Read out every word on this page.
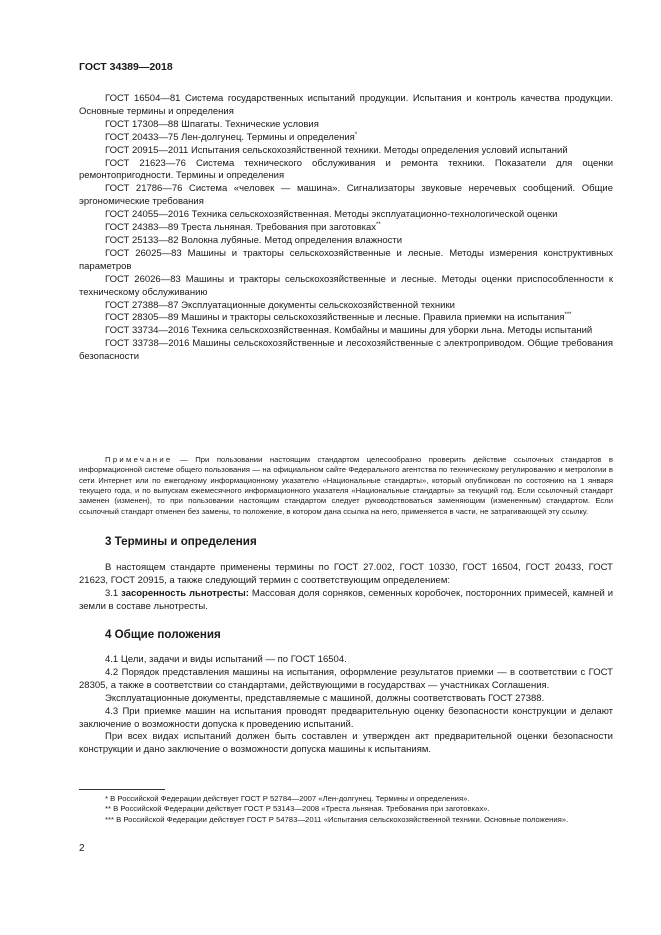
ГОСТ 34389—2018

ГОСТ 16504—81 Система государственных испытаний продукции. Испытания и контроль качества продукции. Основные термины и определения

ГОСТ 17308—88 Шпагаты. Технические условия

ГОСТ 20433—75 Лен-долгунец. Термины и определения*

ГОСТ 20915—2011 Испытания сельскохозяйственной техники. Методы определения условий испытаний

ГОСТ 21623—76 Система технического обслуживания и ремонта техники. Показатели для оценки ремонтопригодности. Термины и определения

ГОСТ 21786—76 Система «человек — машина». Сигнализаторы звуковые неречевых сообщений. Общие эргономические требования

ГОСТ 24055—2016 Техника сельскохозяйственная. Методы эксплуатационно-технологической оценки

ГОСТ 24383—89 Треста льняная. Требования при заготовках**

ГОСТ 25133—82 Волокна лубяные. Метод определения влажности

ГОСТ 26025—83 Машины и тракторы сельскохозяйственные и лесные. Методы измерения конструктивных параметров

ГОСТ 26026—83 Машины и тракторы сельскохозяйственные и лесные. Методы оценки приспособленности к техническому обслуживанию

ГОСТ 27388—87 Эксплуатационные документы сельскохозяйственной техники

ГОСТ 28305—89 Машины и тракторы сельскохозяйственные и лесные. Правила приемки на испытания***

ГОСТ 33734—2016 Техника сельскохозяйственная. Комбайны и машины для уборки льна. Методы испытаний

ГОСТ 33738—2016 Машины сельскохозяйственные и лесохозяйственные с электроприводом. Общие требования безопасности

Примечание — При пользовании настоящим стандартом целесообразно проверить действие ссылочных стандартов в информационной системе общего пользования — на официальном сайте Федерального агентства по техническому регулированию и метрологии в сети Интернет или по ежегодному информационному указателю «Национальные стандарты», который опубликован по состоянию на 1 января текущего года, и по выпускам ежемесячного информационного указателя «Национальные стандарты» за текущий год. Если ссылочный стандарт заменен (изменен), то при пользовании настоящим стандартом следует руководствоваться заменяющим (измененным) стандартом. Если ссылочный стандарт отменен без замены, то положение, в котором дана ссылка на него, применяется в части, не затрагивающей эту ссылку.

3 Термины и определения

В настоящем стандарте применены термины по ГОСТ 27.002, ГОСТ 10330, ГОСТ 16504, ГОСТ 20433, ГОСТ 21623, ГОСТ 20915, а также следующий термин с соответствующим определением:

3.1 засоренность льнотресты: Массовая доля сорняков, семенных коробочек, посторонних примесей, камней и земли в составе льнотресты.

4 Общие положения

4.1 Цели, задачи и виды испытаний — по ГОСТ 16504.

4.2 Порядок представления машины на испытания, оформление результатов приемки — в соответствии с ГОСТ 28305, а также в соответствии со стандартами, действующими в государствах — участниках Соглашения.

Эксплуатационные документы, представляемые с машиной, должны соответствовать ГОСТ 27388.

4.3 При приемке машин на испытания проводят предварительную оценку безопасности конструкции и делают заключение о возможности допуска к проведению испытаний.

При всех видах испытаний должен быть составлен и утвержден акт предварительной оценки безопасности конструкции и дано заключение о возможности допуска машины к испытаниям.

* В Российской Федерации действует ГОСТ Р 52784—2007 «Лен-долгунец. Термины и определения».

** В Российской Федерации действует ГОСТ Р 53143—2008 «Треста льняная. Требования при заготовках».

*** В Российской Федерации действует ГОСТ Р 54783—2011 «Испытания сельскохозяйственной техники. Основные положения».

2
